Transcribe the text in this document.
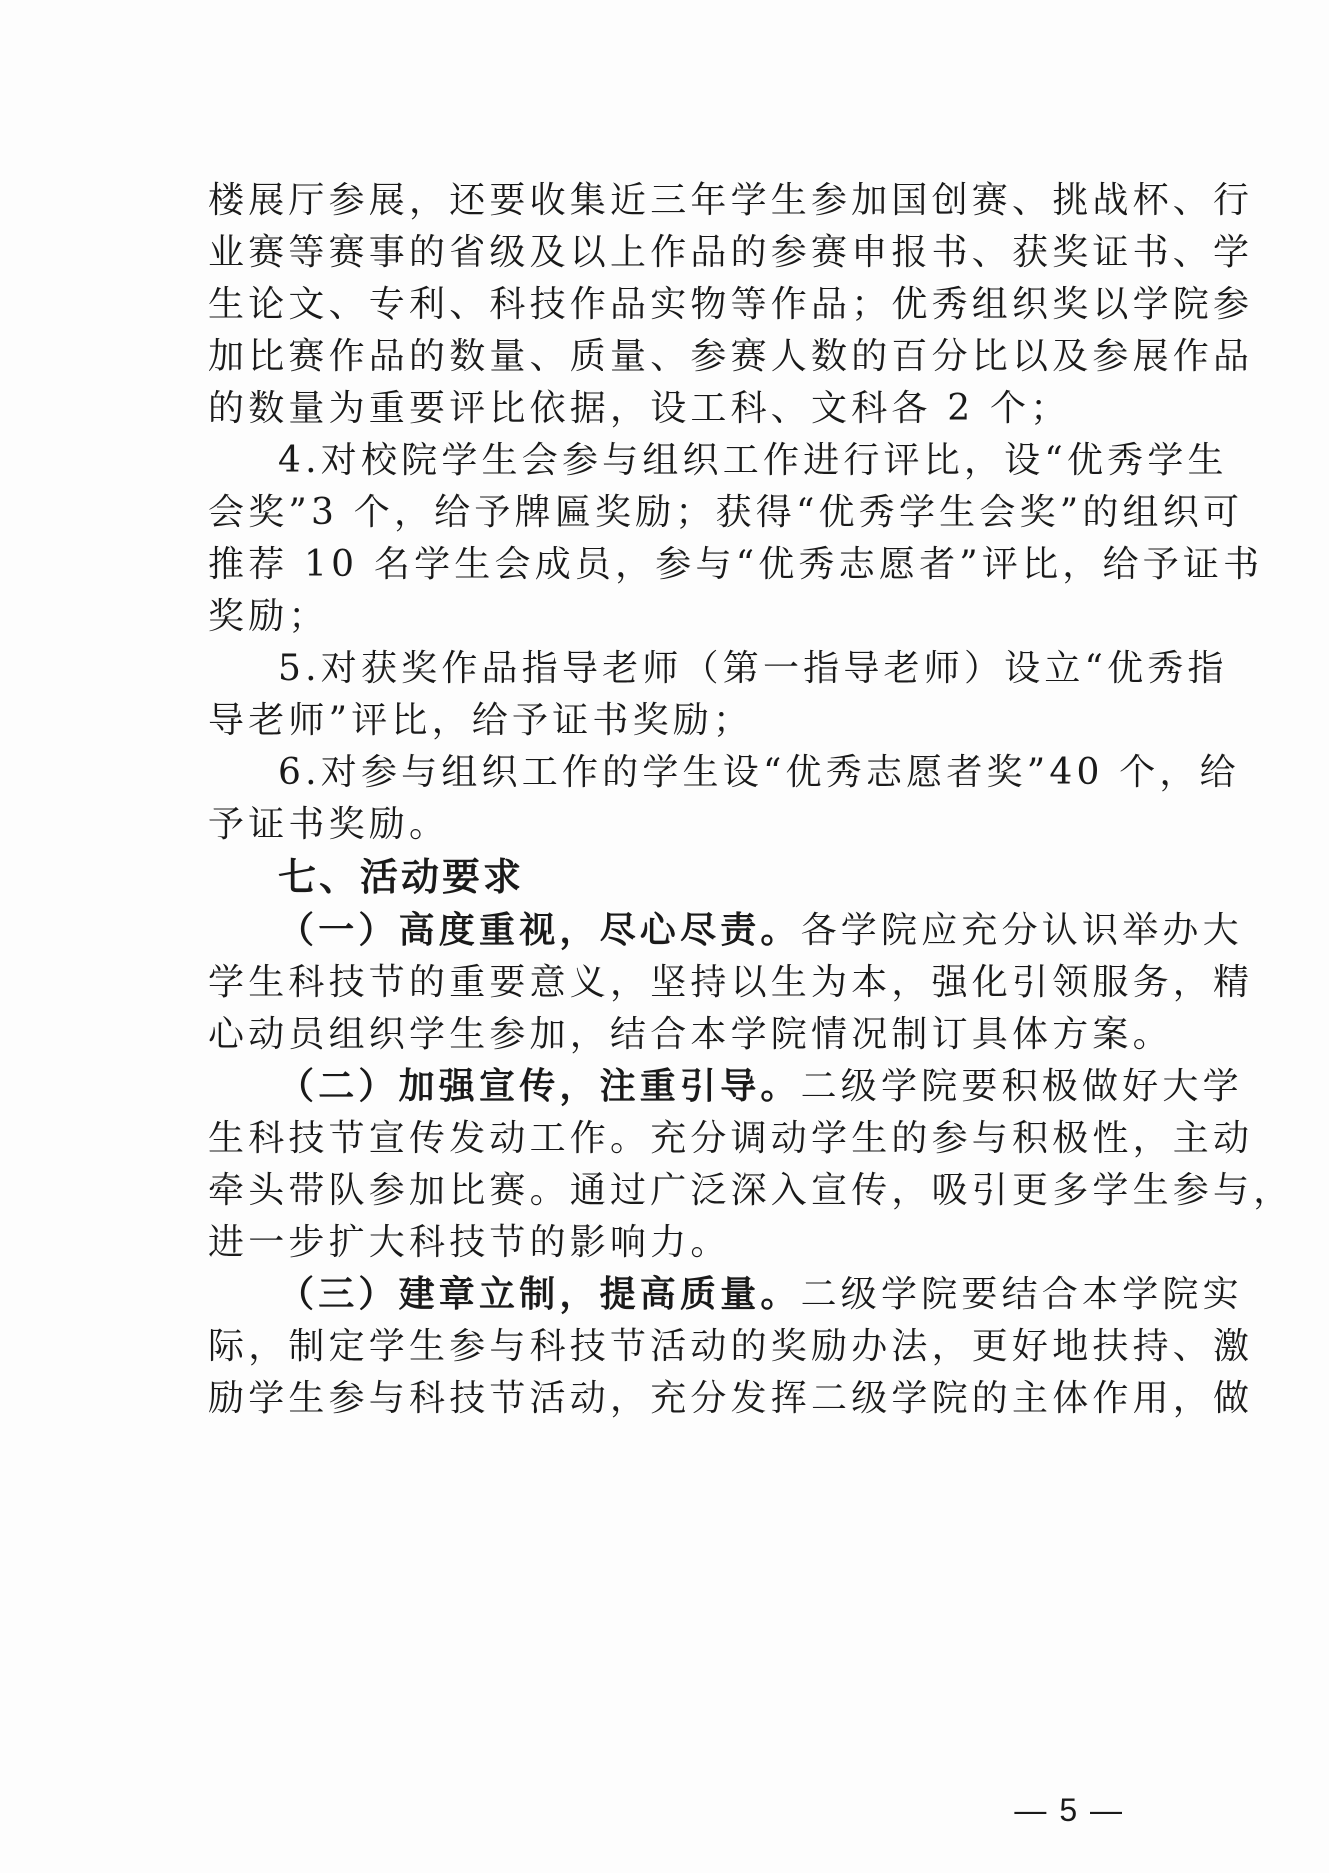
楼展厅参展，还要收集近三年学生参加国创赛、挑战杯、行
业赛等赛事的省级及以上作品的参赛申报书、获奖证书、学
生论文、专利、科技作品实物等作品；优秀组织奖以学院参
加比赛作品的数量、质量、参赛人数的百分比以及参展作品
的数量为重要评比依据，设工科、文科各 2 个；
4.对校院学生会参与组织工作进行评比，设“优秀学生
会奖”3 个，给予牌匾奖励；获得“优秀学生会奖”的组织可
推荐 10 名学生会成员，参与“优秀志愿者”评比，给予证书
奖励；
5.对获奖作品指导老师（第一指导老师）设立“优秀指
导老师”评比，给予证书奖励；
6.对参与组织工作的学生设“优秀志愿者奖”40 个，给
予证书奖励。
七、活动要求
（一）高度重视，尽心尽责。各学院应充分认识举办大
学生科技节的重要意义，坚持以生为本，强化引领服务，精
心动员组织学生参加，结合本学院情况制订具体方案。
（二）加强宣传，注重引导。二级学院要积极做好大学
生科技节宣传发动工作。充分调动学生的参与积极性，主动
牵头带队参加比赛。通过广泛深入宣传，吸引更多学生参与，
进一步扩大科技节的影响力。
（三）建章立制，提高质量。二级学院要结合本学院实
际，制定学生参与科技节活动的奖励办法，更好地扶持、激
励学生参与科技节活动，充分发挥二级学院的主体作用，做
— 5 —
